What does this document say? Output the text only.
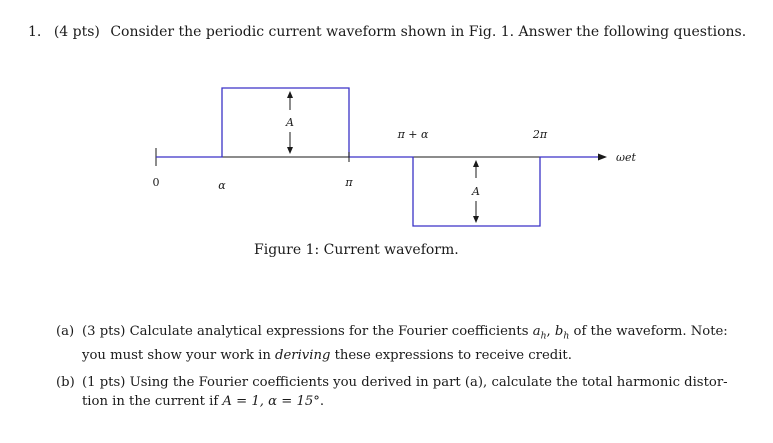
1. (4 pts) Consider the periodic current waveform shown in Fig. 1. Answer the following questions.
0	α	π
π + α	2π
A
A
ωet
Figure 1: Current waveform.
(a) (3 pts) Calculate analytical expressions for the Fourier coefficients $a_h$, $b_h$ of the waveform. Note:
you must show your work in deriving these expressions to receive credit.
(b) (1 pts) Using the Fourier coefficients you derived in part (a), calculate the total harmonic distor-
tion in the current if A = 1, α = 15°.
